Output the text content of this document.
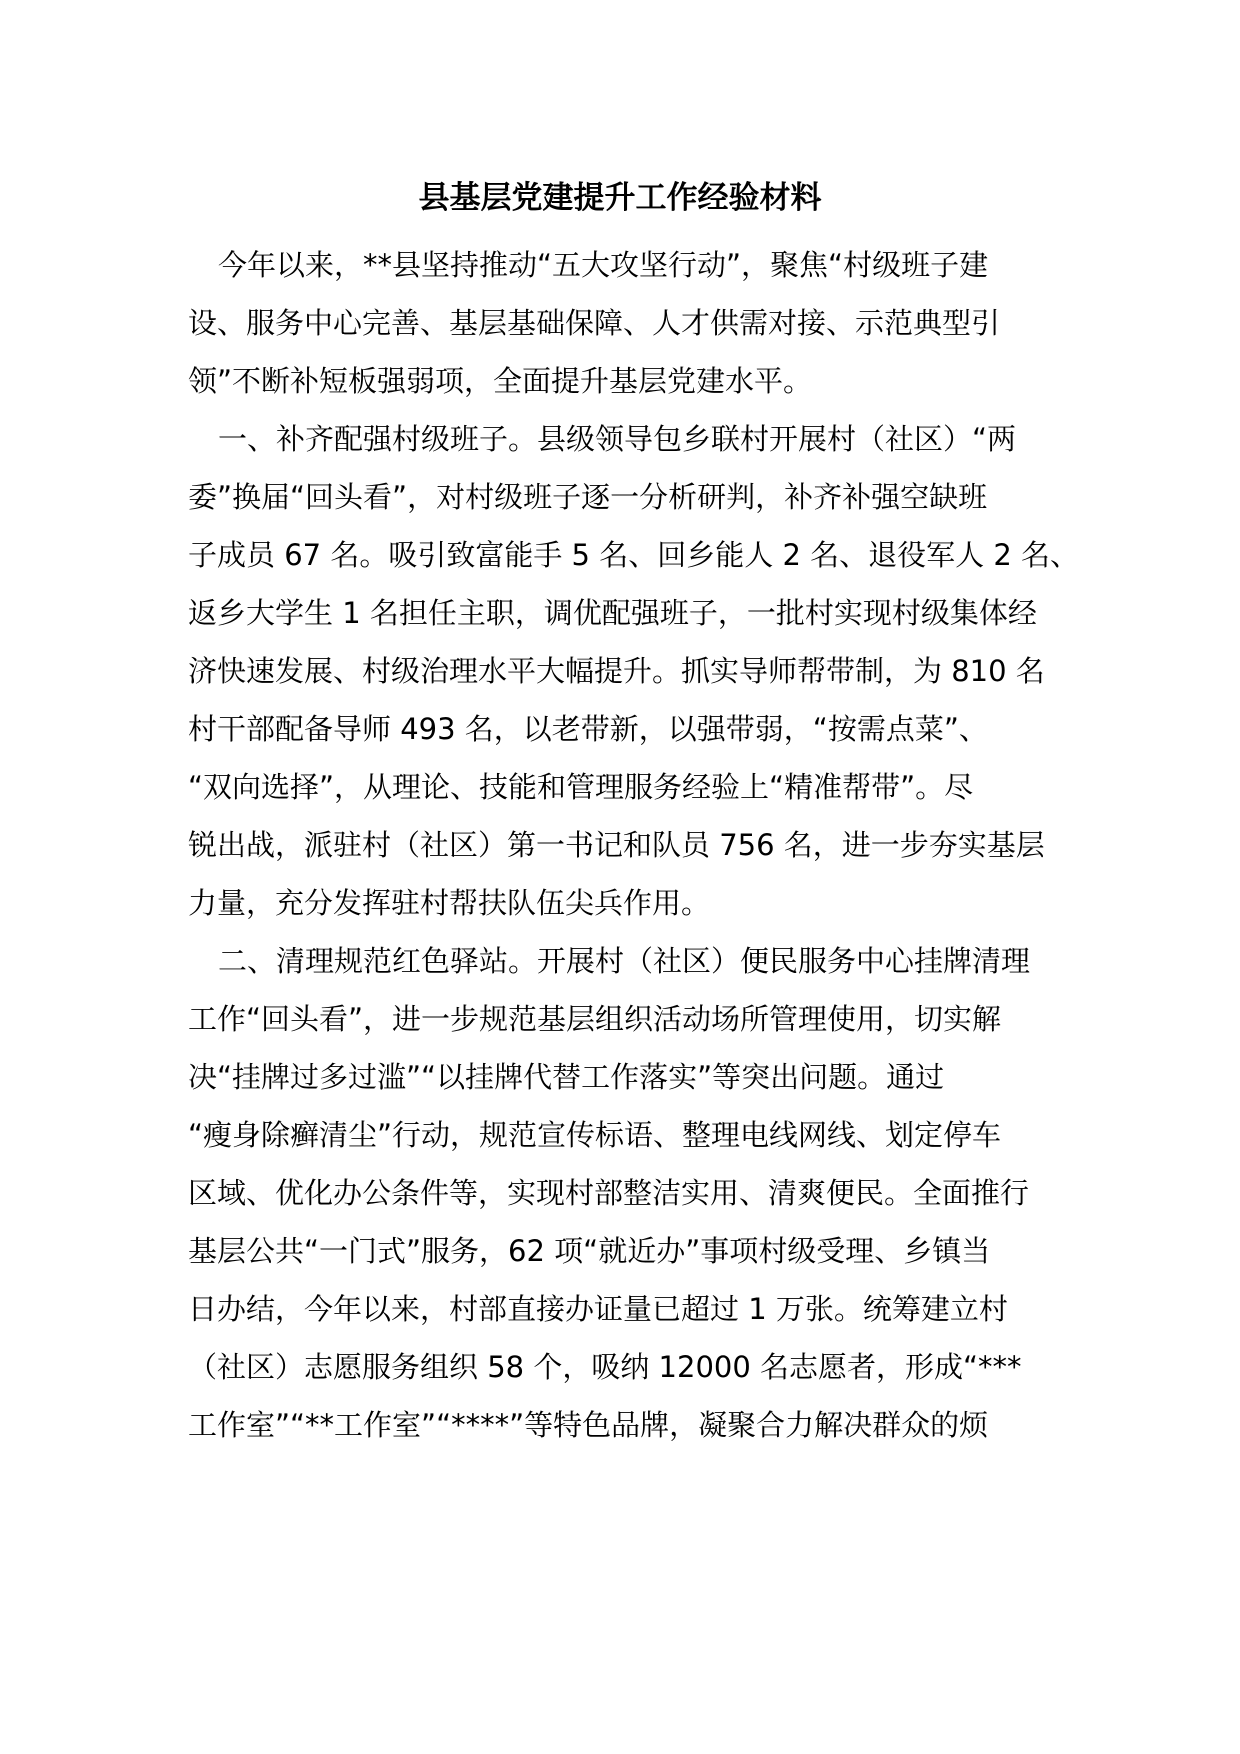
县基层党建提升工作经验材料
今年以来，**县坚持推动“五大攻坚行动”，聚焦“村级班子建
设、服务中心完善、基层基础保障、人才供需对接、示范典型引
领”不断补短板强弱项，全面提升基层党建水平。
一、补齐配强村级班子。县级领导包乡联村开展村（社区）“两
委”换届“回头看”，对村级班子逐一分析研判，补齐补强空缺班
子成员 67 名。吸引致富能手 5 名、回乡能人 2 名、退役军人 2 名、
返乡大学生 1 名担任主职，调优配强班子，一批村实现村级集体经
济快速发展、村级治理水平大幅提升。抓实导师帮带制，为 810 名
村干部配备导师 493 名，以老带新，以强带弱，“按需点菜”、
“双向选择”，从理论、技能和管理服务经验上“精准帮带”。尽
锐出战，派驻村（社区）第一书记和队员 756 名，进一步夯实基层
力量，充分发挥驻村帮扶队伍尖兵作用。
二、清理规范红色驿站。开展村（社区）便民服务中心挂牌清理
工作“回头看”，进一步规范基层组织活动场所管理使用，切实解
决“挂牌过多过滥”“以挂牌代替工作落实”等突出问题。通过
“瘦身除癣清尘”行动，规范宣传标语、整理电线网线、划定停车
区域、优化办公条件等，实现村部整洁实用、清爽便民。全面推行
基层公共“一门式”服务，62 项“就近办”事项村级受理、乡镇当
日办结，今年以来，村部直接办证量已超过 1 万张。统筹建立村
（社区）志愿服务组织 58 个，吸纳 12000 名志愿者，形成“***
工作室”“**工作室”“****”等特色品牌，凝聚合力解决群众的烦
